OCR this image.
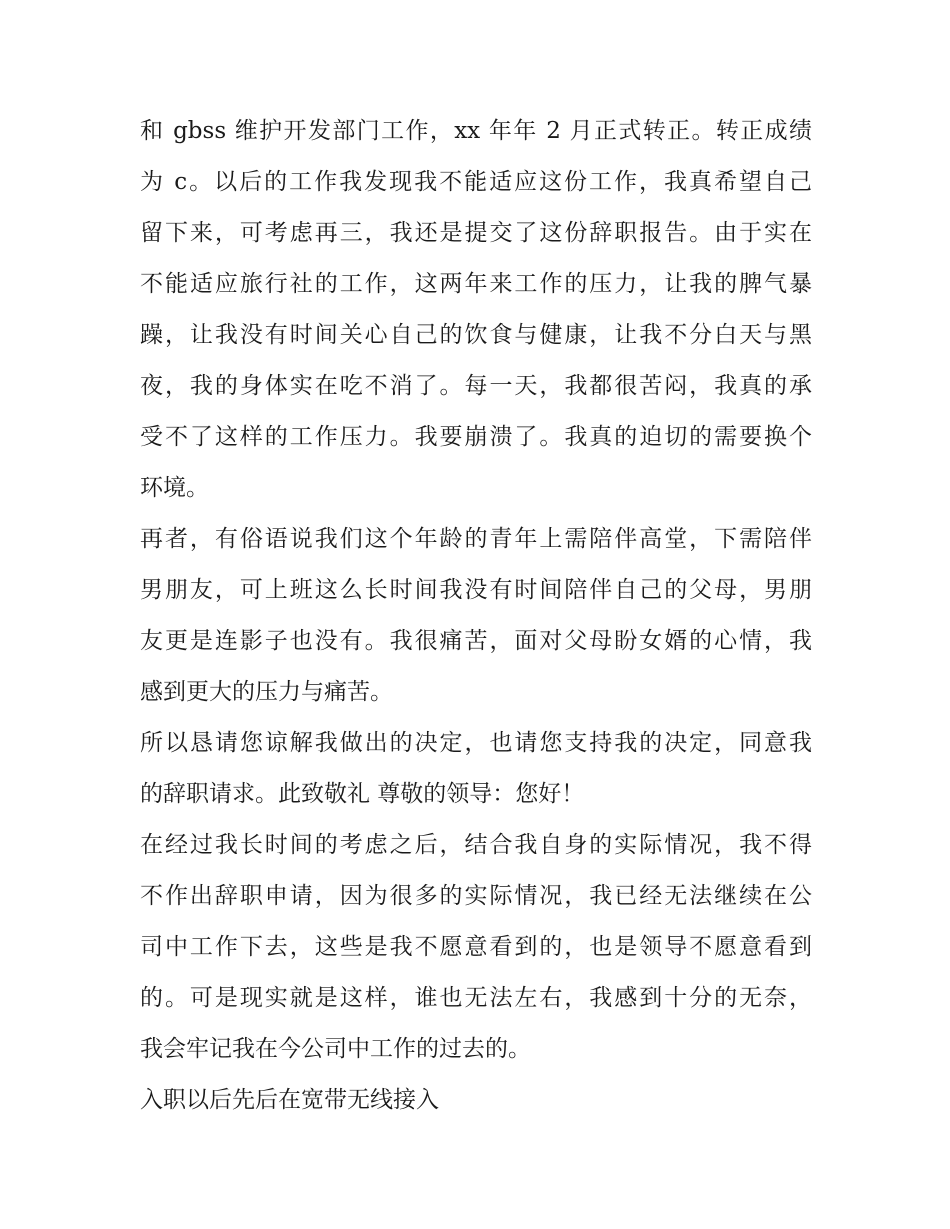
和 gbss 维护开发部门工作，xx 年年 2 月正式转正。转正成绩
为 c。以后的工作我发现我不能适应这份工作，我真希望自己
留下来，可考虑再三，我还是提交了这份辞职报告。由于实在
不能适应旅行社的工作，这两年来工作的压力，让我的脾气暴
躁，让我没有时间关心自己的饮食与健康，让我不分白天与黑
夜，我的身体实在吃不消了。每一天，我都很苦闷，我真的承
受不了这样的工作压力。我要崩溃了。我真的迫切的需要换个
环境。
再者，有俗语说我们这个年龄的青年上需陪伴高堂，下需陪伴
男朋友，可上班这么长时间我没有时间陪伴自己的父母，男朋
友更是连影子也没有。我很痛苦，面对父母盼女婿的心情，我
感到更大的压力与痛苦。
所以恳请您谅解我做出的决定，也请您支持我的决定，同意我
的辞职请求。此致敬礼 尊敬的领导：您好！
在经过我长时间的考虑之后，结合我自身的实际情况，我不得
不作出辞职申请，因为很多的实际情况，我已经无法继续在公
司中工作下去，这些是我不愿意看到的，也是领导不愿意看到
的。可是现实就是这样，谁也无法左右，我感到十分的无奈，
我会牢记我在今公司中工作的过去的。
入职以后先后在宽带无线接入
